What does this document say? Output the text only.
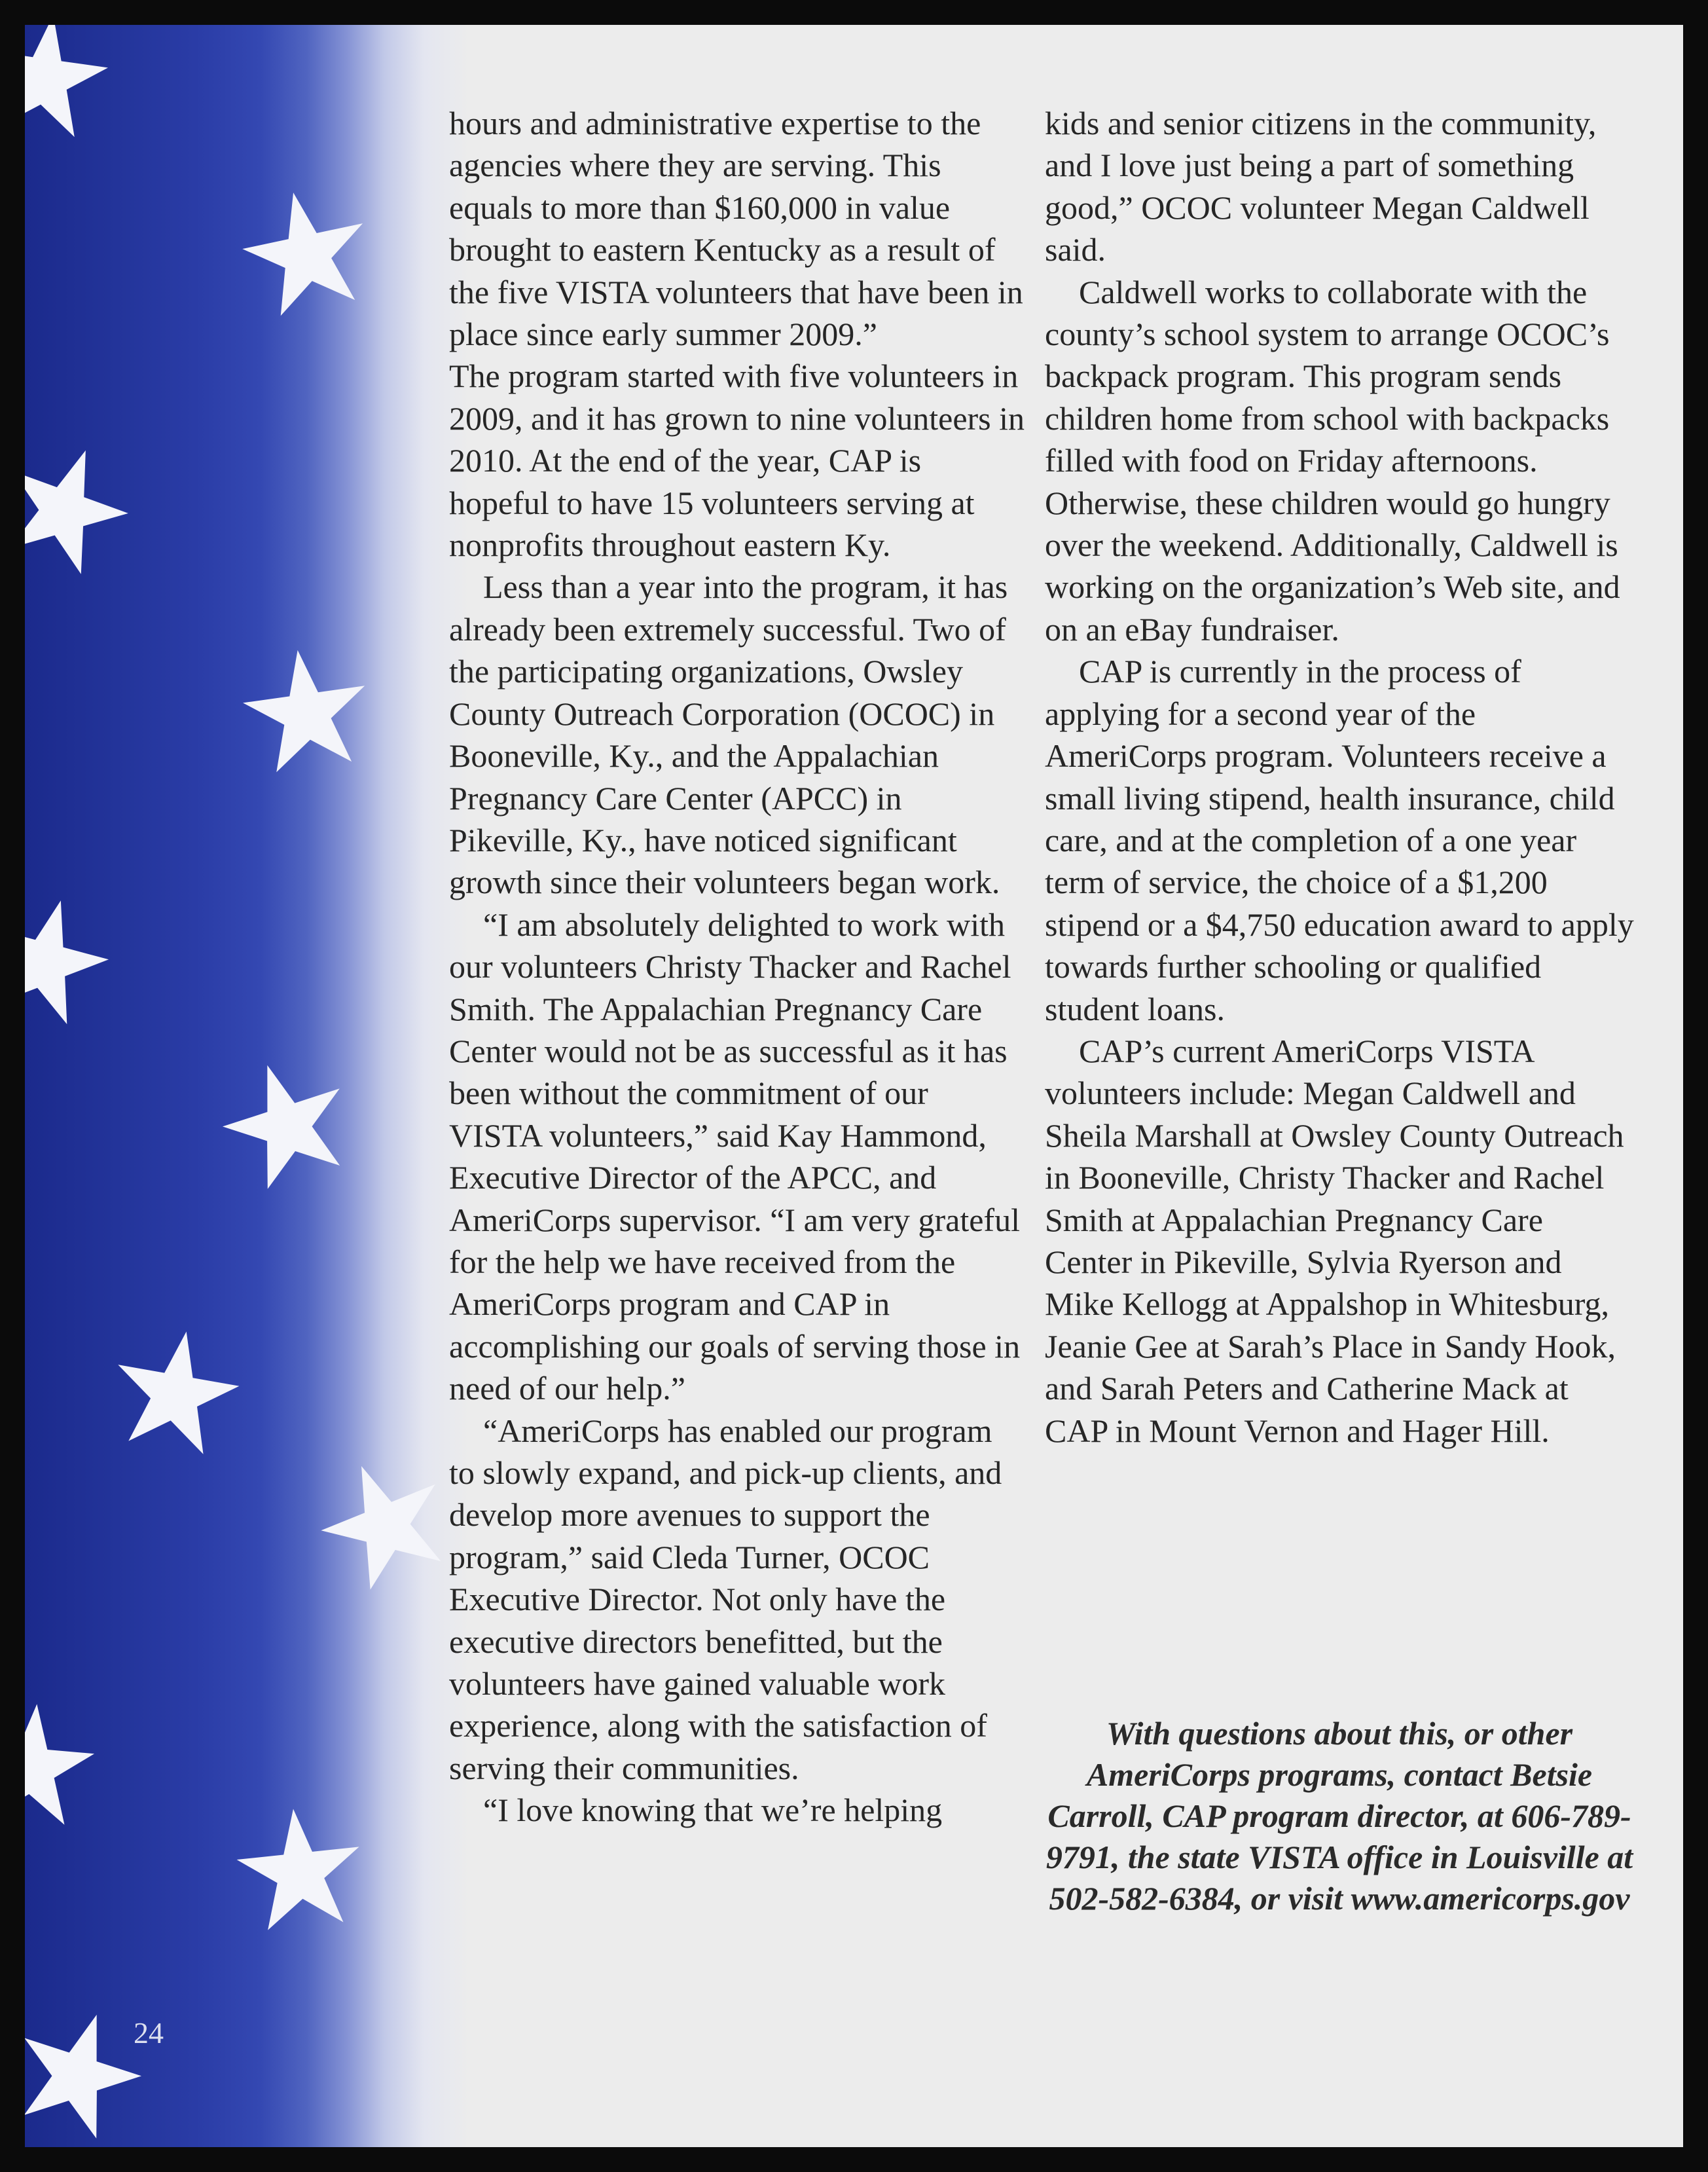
hours and administrative expertise to the agencies where they are serving. This equals to more than $160,000 in value brought to eastern Kentucky as a result of the five VISTA volunteers that have been in place since early summer 2009.”

The program started with five volunteers in 2009, and it has grown to nine volunteers in 2010. At the end of the year, CAP is hopeful to have 15 volunteers serving at nonprofits throughout eastern Ky.

Less than a year into the program, it has already been extremely successful. Two of the participating organizations, Owsley County Outreach Corporation (OCOC) in Booneville, Ky., and the Appalachian Pregnancy Care Center (APCC) in Pikeville, Ky., have noticed significant growth since their volunteers began work.

“I am absolutely delighted to work with our volunteers Christy Thacker and Rachel Smith. The Appalachian Pregnancy Care Center would not be as successful as it has been without the commitment of our VISTA volunteers,” said Kay Hammond, Executive Director of the APCC, and AmeriCorps supervisor. “I am very grateful for the help we have received from the AmeriCorps program and CAP in accomplishing our goals of serving those in need of our help.”

“AmeriCorps has enabled our program to slowly expand, and pick-up clients, and develop more avenues to support the program,” said Cleda Turner, OCOC Executive Director. Not only have the executive directors benefitted, but the volunteers have gained valuable work experience, along with the satisfaction of serving their communities.

“I love knowing that we’re helping

kids and senior citizens in the community, and I love just being a part of something good,” OCOC volunteer Megan Caldwell said.

Caldwell works to collaborate with the county’s school system to arrange OCOC’s backpack program. This program sends children home from school with backpacks filled with food on Friday afternoons. Otherwise, these children would go hungry over the weekend. Additionally, Caldwell is working on the organization’s Web site, and on an eBay fundraiser.

CAP is currently in the process of applying for a second year of the AmeriCorps program. Volunteers receive a small living stipend, health insurance, child care, and at the completion of a one year term of service, the choice of a $1,200 stipend or a $4,750 education award to apply towards further schooling or qualified student loans.

CAP’s current AmeriCorps VISTA volunteers include: Megan Caldwell and Sheila Marshall at Owsley County Outreach in Booneville, Christy Thacker and Rachel Smith at Appalachian Pregnancy Care Center in Pikeville, Sylvia Ryerson and Mike Kellogg at Appalshop in Whitesburg, Jeanie Gee at Sarah’s Place in Sandy Hook, and Sarah Peters and Catherine Mack at CAP in Mount Vernon and Hager Hill.

With questions about this, or other AmeriCorps programs, contact Betsie Carroll, CAP program director, at 606-789-9791, the state VISTA office in Louisville at 502-582-6384, or visit www.americorps.gov
24
